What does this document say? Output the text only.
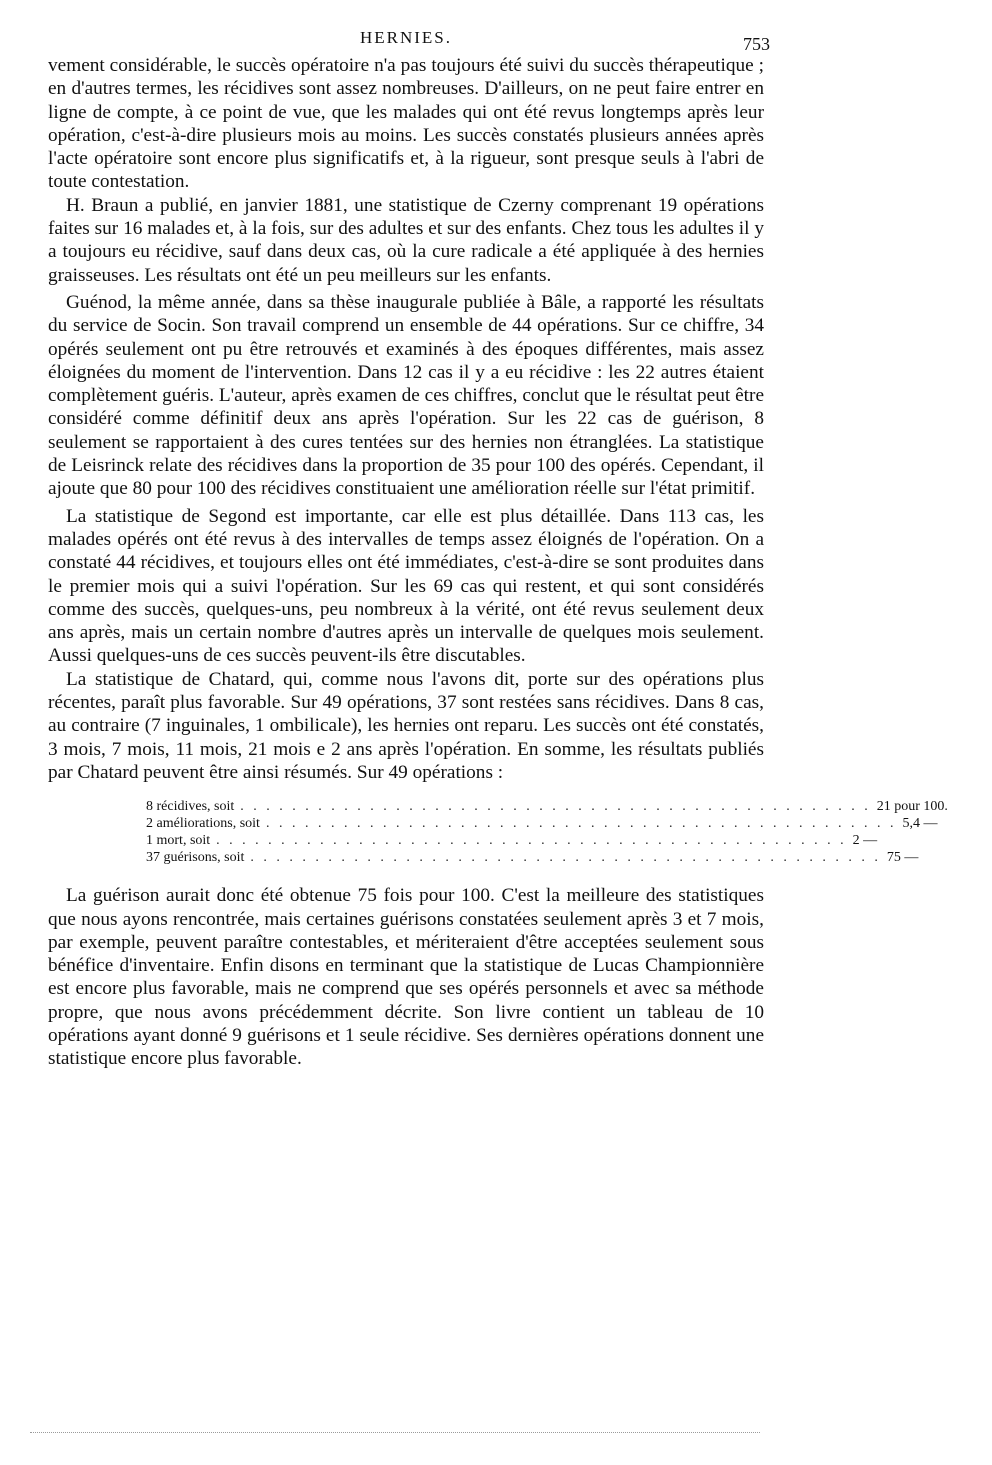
HERNIES.	753

vement considérable, le succès opératoire n'a pas toujours été suivi du succès thérapeutique ; en d'autres termes, les récidives sont assez nombreuses. D'ailleurs, on ne peut faire entrer en ligne de compte, à ce point de vue, que les malades qui ont été revus longtemps après leur opération, c'est-à-dire plusieurs mois au moins. Les succès constatés plusieurs années après l'acte opératoire sont encore plus significatifs et, à la rigueur, sont presque seuls à l'abri de toute contestation.

H. Braun a publié, en janvier 1881, une statistique de Czerny comprenant 19 opérations faites sur 16 malades et, à la fois, sur des adultes et sur des enfants. Chez tous les adultes il y a toujours eu récidive, sauf dans deux cas, où la cure radicale a été appliquée à des hernies graisseuses. Les résultats ont été un peu meilleurs sur les enfants.

Guénod, la même année, dans sa thèse inaugurale publiée à Bâle, a rapporté les résultats du service de Socin. Son travail comprend un ensemble de 44 opérations. Sur ce chiffre, 34 opérés seulement ont pu être retrouvés et examinés à des époques différentes, mais assez éloignées du moment de l'intervention. Dans 12 cas il y a eu récidive : les 22 autres étaient complètement guéris. L'auteur, après examen de ces chiffres, conclut que le résultat peut être considéré comme définitif deux ans après l'opération. Sur les 22 cas de guérison, 8 seulement se rapportaient à des cures tentées sur des hernies non étranglées. La statistique de Leisrinck relate des récidives dans la proportion de 35 pour 100 des opérés. Cependant, il ajoute que 80 pour 100 des récidives constituaient une amélioration réelle sur l'état primitif.

La statistique de Segond est importante, car elle est plus détaillée. Dans 113 cas, les malades opérés ont été revus à des intervalles de temps assez éloignés de l'opération. On a constaté 44 récidives, et toujours elles ont été immédiates, c'est-à-dire se sont produites dans le premier mois qui a suivi l'opération. Sur les 69 cas qui restent, et qui sont considérés comme des succès, quelques-uns, peu nombreux à la vérité, ont été revus seulement deux ans après, mais un certain nombre d'autres après un intervalle de quelques mois seulement. Aussi quelques-uns de ces succès peuvent-ils être discutables.

La statistique de Chatard, qui, comme nous l'avons dit, porte sur des opérations plus récentes, paraît plus favorable. Sur 49 opérations, 37 sont restées sans récidives. Dans 8 cas, au contraire (7 inguinales, 1 ombilicale), les hernies ont reparu. Les succès ont été constatés, 3 mois, 7 mois, 11 mois, 21 mois e 2 ans après l'opération. En somme, les résultats publiés par Chatard peuvent être ainsi résumés. Sur 49 opérations :

8 récidives, soit . . . . . . . . . . . . . . . . . . . . . . . . . . . . . . . . . . . . . . . . . . . . . . . . . 21 pour 100.
2 améliorations, soit . . . . . . . . . . . . . . . . . . . . . . . . . . . . . . . . . . . . . . . . . . . . . . . . . 5,4 —
1 mort, soit . . . . . . . . . . . . . . . . . . . . . . . . . . . . . . . . . . . . . . . . . . . . . . . . . 2 —
37 guérisons, soit . . . . . . . . . . . . . . . . . . . . . . . . . . . . . . . . . . . . . . . . . . . . . . . . . 75 —

La guérison aurait donc été obtenue 75 fois pour 100. C'est la meilleure des statistiques que nous ayons rencontrée, mais certaines guérisons constatées seulement après 3 et 7 mois, par exemple, peuvent paraître contestables, et mériteraient d'être acceptées seulement sous bénéfice d'inventaire. Enfin disons en terminant que la statistique de Lucas Championnière est encore plus favorable, mais ne comprend que ses opérés personnels et avec sa méthode propre, que nous avons précédemment décrite. Son livre contient un tableau de 10 opérations ayant donné 9 guérisons et 1 seule récidive. Ses dernières opérations donnent une statistique encore plus favorable.
